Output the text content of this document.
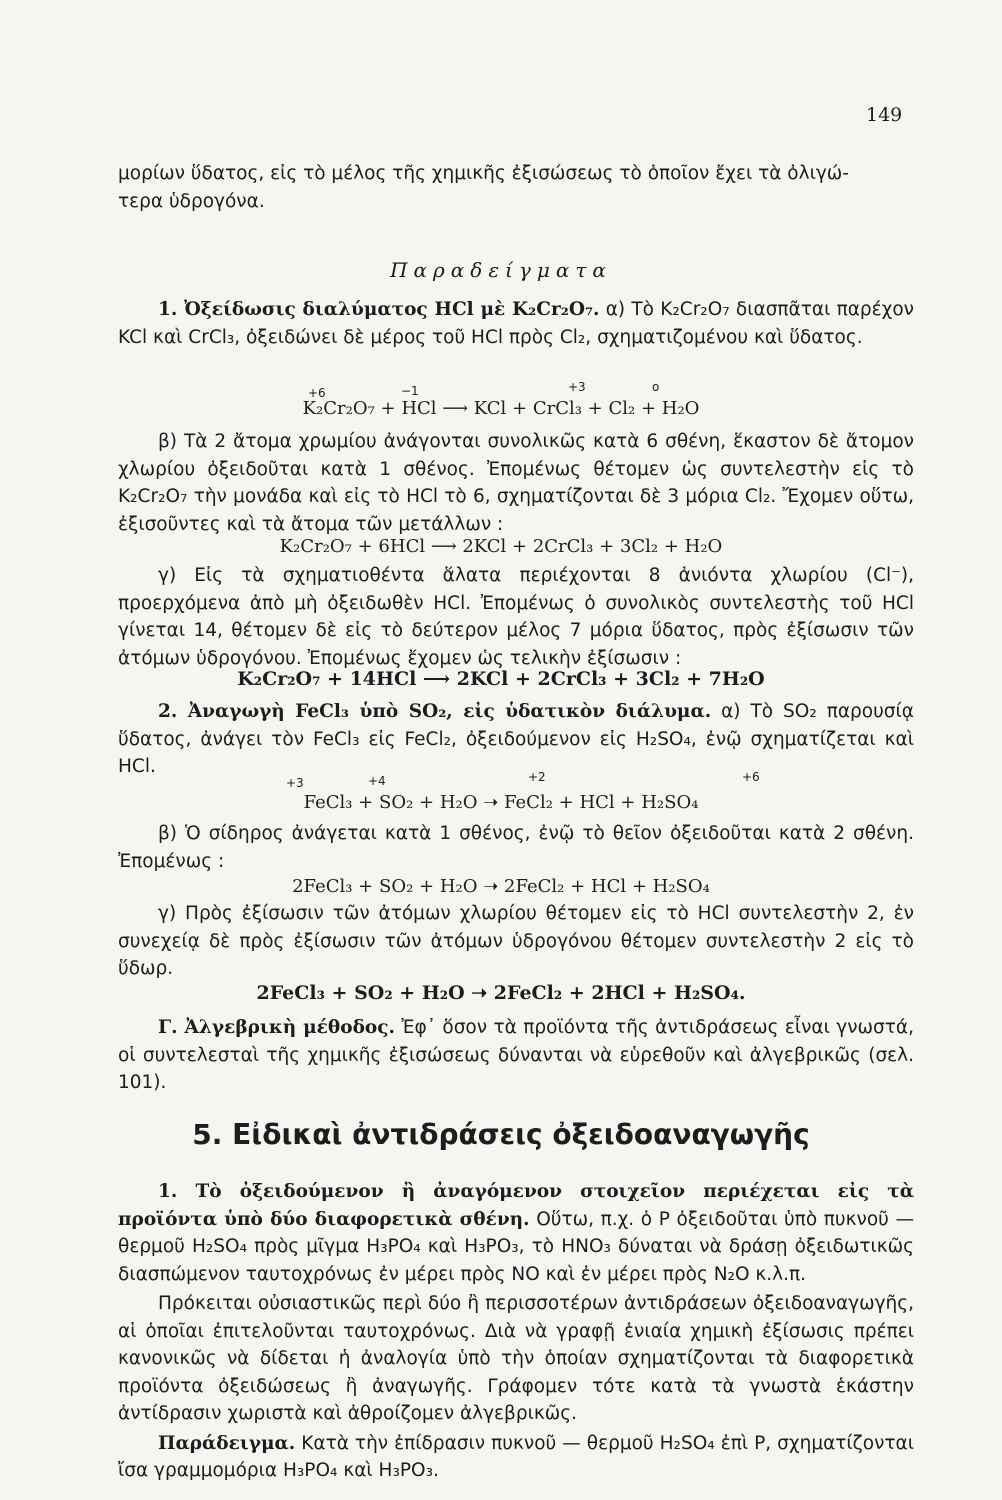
149

μορίων ὕδατος, εἰς τὸ μέλος τῆς χημικῆς ἐξισώσεως τὸ ὁποῖον ἔχει τὰ ὀλιγώ-

τερα ὑδρογόνα.

Παραδείγματα

1. Ὀξείδωσις διαλύματος HCl μὲ K₂Cr₂O₇. α) Τὸ K₂Cr₂O₇ διασπᾶται παρέχον KCl καὶ CrCl₃, ὀξειδώνει δὲ μέρος τοῦ HCl πρὸς Cl₂, σχηματιζομένου καὶ ὕδατος.

+6	−1	+3	o
K₂Cr₂O₇ + HCl ⟶ KCl + CrCl₃ + Cl₂ + H₂O

β) Τὰ 2 ἄτομα χρωμίου ἀνάγονται συνολικῶς κατὰ 6 σθένη, ἕκαστον δὲ ἄτομον χλωρίου ὀξειδοῦται κατὰ 1 σθένος. Ἐπομένως θέτομεν ὡς συντελεστὴν εἰς τὸ K₂Cr₂O₇ τὴν μονάδα καὶ εἰς τὸ HCl τὸ 6, σχηματίζονται δὲ 3 μόρια Cl₂. Ἔχομεν οὕτω, ἐξισοῦντες καὶ τὰ ἄτομα τῶν μετάλλων :

K₂Cr₂O₇ + 6HCl ⟶ 2KCl + 2CrCl₃ + 3Cl₂ + H₂O

γ) Εἰς τὰ σχηματιοθέντα ἅλατα περιέχονται 8 ἀνιόντα χλωρίου (Cl⁻), προερχόμενα ἀπὸ μὴ ὀξειδωθὲν HCl. Ἐπομένως ὁ συνολικὸς συντελεστὴς τοῦ HCl γίνεται 14, θέτομεν δὲ εἰς τὸ δεύτερον μέλος 7 μόρια ὕδατος, πρὸς ἐξίσωσιν τῶν ἀτόμων ὑδρογόνου. Ἐπομένως ἔχομεν ὡς τελικὴν ἐξίσωσιν :

K₂Cr₂O₇ + 14HCl ⟶ 2KCl + 2CrCl₃ + 3Cl₂ + 7H₂O

2. Ἀναγωγὴ FeCl₃ ὑπὸ SO₂, εἰς ὑδατικὸν διάλυμα. α) Τὸ SO₂ παρουσίᾳ ὕδατος, ἀνάγει τὸν FeCl₃ εἰς FeCl₂, ὀξειδούμενον εἰς H₂SO₄, ἐνῷ σχηματίζεται καὶ HCl.

+3	+4	+2	+6
FeCl₃ + SO₂ + H₂O ➝ FeCl₂ + HCl + H₂SO₄

β) Ὁ σίδηρος ἀνάγεται κατὰ 1 σθένος, ἐνῷ τὸ θεῖον ὀξειδοῦται κατὰ 2 σθένη. Ἐπομένως :

2FeCl₃ + SO₂ + H₂O ➝ 2FeCl₂ + HCl + H₂SO₄

γ) Πρὸς ἐξίσωσιν τῶν ἀτόμων χλωρίου θέτομεν εἰς τὸ HCl συντελεστὴν 2, ἐν συνεχείᾳ δὲ πρὸς ἐξίσωσιν τῶν ἀτόμων ὑδρογόνου θέτομεν συντελεστὴν 2 εἰς τὸ ὕδωρ.

2FeCl₃ + SO₂ + H₂O ➝ 2FeCl₂ + 2HCl + H₂SO₄.

Γ. Ἀλγεβρικὴ μέθοδος. Ἐφ᾽ ὅσον τὰ προϊόντα τῆς ἀντιδράσεως εἶναι γνωστά, οἱ συντελεσταὶ τῆς χημικῆς ἐξισώσεως δύνανται νὰ εὑρεθοῦν καὶ ἀλγεβρικῶς (σελ. 101).

5. Εἰδικαὶ ἀντιδράσεις ὀξειδοαναγωγῆς

1. Τὸ ὀξειδούμενον ἢ ἀναγόμενον στοιχεῖον περιέχεται εἰς τὰ προϊόντα ὑπὸ δύο διαφορετικὰ σθένη. Οὕτω, π.χ. ὁ P ὀξειδοῦται ὑπὸ πυκνοῦ — θερμοῦ H₂SO₄ πρὸς μῖγμα H₃PO₄ καὶ H₃PO₃, τὸ HNO₃ δύναται νὰ δράσῃ ὀξειδωτικῶς διασπώμενον ταυτοχρόνως ἐν μέρει πρὸς NO καὶ ἐν μέρει πρὸς N₂O κ.λ.π.

Πρόκειται οὐσιαστικῶς περὶ δύο ἢ περισσοτέρων ἀντιδράσεων ὀξειδοαναγωγῆς, αἱ ὁποῖαι ἐπιτελοῦνται ταυτοχρόνως. Διὰ νὰ γραφῇ ἑνιαία χημικὴ ἐξίσωσις πρέπει κανονικῶς νὰ δίδεται ἡ ἀναλογία ὑπὸ τὴν ὁποίαν σχηματίζονται τὰ διαφορετικὰ προϊόντα ὀξειδώσεως ἢ ἀναγωγῆς. Γράφομεν τότε κατὰ τὰ γνωστὰ ἑκάστην ἀντίδρασιν χωριστὰ καὶ ἀθροίζομεν ἀλγεβρικῶς.

Παράδειγμα. Κατὰ τὴν ἐπίδρασιν πυκνοῦ — θερμοῦ H₂SO₄ ἐπὶ P, σχηματίζονται ἴσα γραμμομόρια H₃PO₄ καὶ H₃PO₃.
